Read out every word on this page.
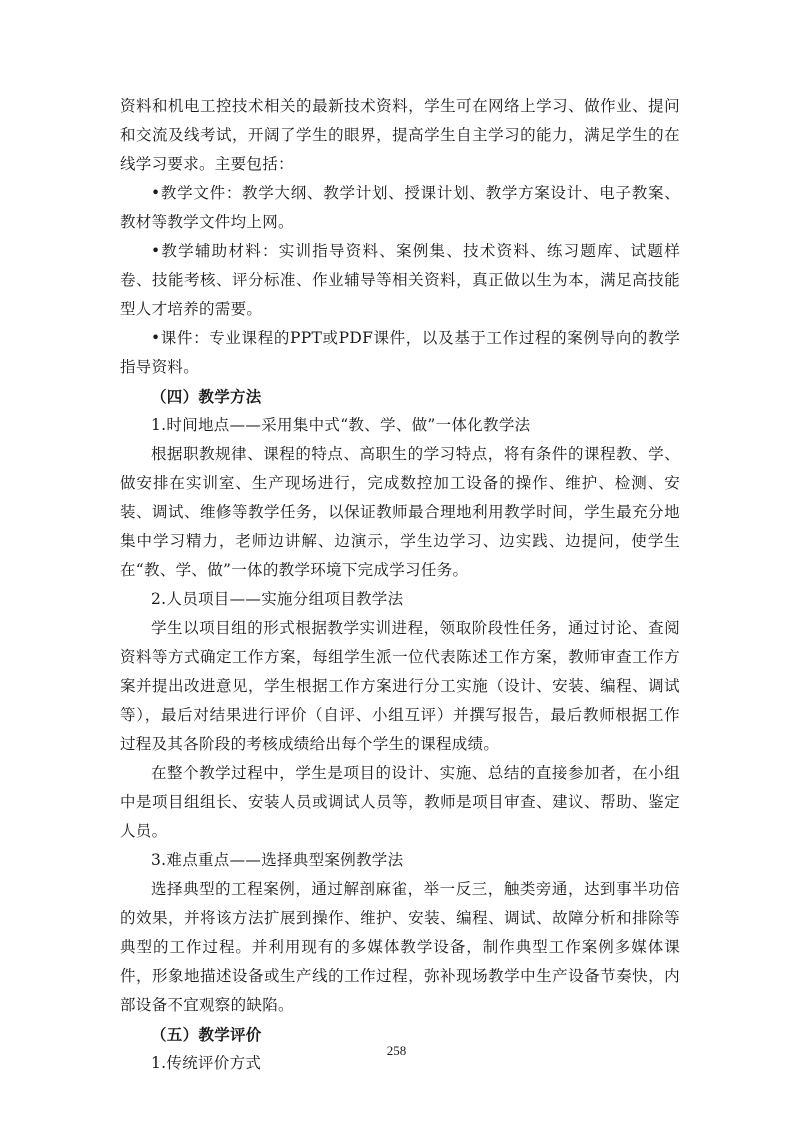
资料和机电工控技术相关的最新技术资料，学生可在网络上学习、做作业、提问和交流及线考试，开阔了学生的眼界，提高学生自主学习的能力，满足学生的在线学习要求。主要包括：

•教学文件：教学大纲、教学计划、授课计划、教学方案设计、电子教案、教材等教学文件均上网。

•教学辅助材料：实训指导资料、案例集、技术资料、练习题库、试题样卷、技能考核、评分标准、作业辅导等相关资料，真正做以生为本，满足高技能型人才培养的需要。

•课件：专业课程的PPT或PDF课件，以及基于工作过程的案例导向的教学指导资料。

（四）教学方法

1.时间地点——采用集中式“教、学、做”一体化教学法

根据职教规律、课程的特点、高职生的学习特点，将有条件的课程教、学、做安排在实训室、生产现场进行，完成数控加工设备的操作、维护、检测、安装、调试、维修等教学任务，以保证教师最合理地利用教学时间，学生最充分地集中学习精力，老师边讲解、边演示，学生边学习、边实践、边提问，使学生在“教、学、做”一体的教学环境下完成学习任务。

2.人员项目——实施分组项目教学法

学生以项目组的形式根据教学实训进程，领取阶段性任务，通过讨论、查阅资料等方式确定工作方案，每组学生派一位代表陈述工作方案，教师审查工作方案并提出改进意见，学生根据工作方案进行分工实施（设计、安装、编程、调试等），最后对结果进行评价（自评、小组互评）并撰写报告，最后教师根据工作过程及其各阶段的考核成绩给出每个学生的课程成绩。

在整个教学过程中，学生是项目的设计、实施、总结的直接参加者，在小组中是项目组组长、安装人员或调试人员等，教师是项目审查、建议、帮助、鉴定人员。

3.难点重点——选择典型案例教学法

选择典型的工程案例，通过解剖麻雀，举一反三，触类旁通，达到事半功倍的效果，并将该方法扩展到操作、维护、安装、编程、调试、故障分析和排除等典型的工作过程。并利用现有的多媒体教学设备，制作典型工作案例多媒体课件，形象地描述设备或生产线的工作过程，弥补现场教学中生产设备节奏快，内部设备不宜观察的缺陷。

（五）教学评价

1.传统评价方式

258
